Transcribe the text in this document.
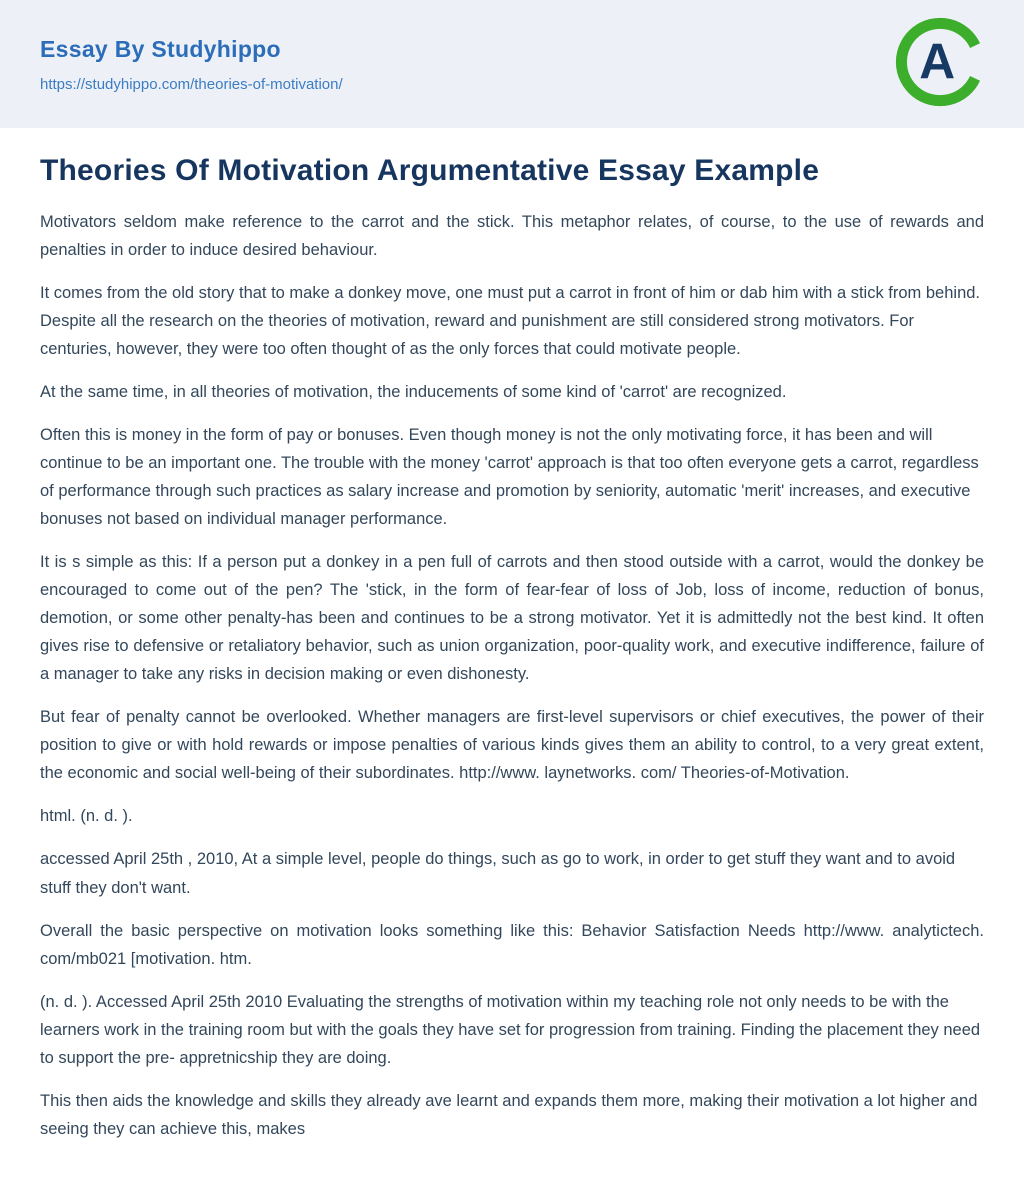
Essay By Studyhippo
https://studyhippo.com/theories-of-motivation/	A
Theories Of Motivation Argumentative Essay Example

Motivators seldom make reference to the carrot and the stick. This metaphor relates, of course, to the use of rewards and penalties in order to induce desired behaviour.

It comes from the old story that to make a donkey move, one must put a carrot in front of him or dab him with a stick from behind. Despite all the research on the theories of motivation, reward and punishment are still considered strong motivators. For centuries, however, they were too often thought of as the only forces that could motivate people.

At the same time, in all theories of motivation, the inducements of some kind of 'carrot' are recognized.

Often this is money in the form of pay or bonuses. Even though money is not the only motivating force, it has been and will continue to be an important one. The trouble with the money 'carrot' approach is that too often everyone gets a carrot, regardless of performance through such practices as salary increase and promotion by seniority, automatic 'merit' increases, and executive bonuses not based on individual manager performance.

It is s simple as this: If a person put a donkey in a pen full of carrots and then stood outside with a carrot, would the donkey be encouraged to come out of the pen? The 'stick, in the form of fear-fear of loss of Job, loss of income, reduction of bonus, demotion, or some other penalty-has been and continues to be a strong motivator. Yet it is admittedly not the best kind. It often gives rise to defensive or retaliatory behavior, such as union organization, poor-quality work, and executive indifference, failure of a manager to take any risks in decision making or even dishonesty.

But fear of penalty cannot be overlooked. Whether managers are first-level supervisors or chief executives, the power of their position to give or with hold rewards or impose penalties of various kinds gives them an ability to control, to a very great extent, the economic and social well-being of their subordinates. http://www. laynetworks. com/ Theories-of-Motivation.

html. (n. d. ).

accessed April 25th , 2010, At a simple level, people do things, such as go to work, in order to get stuff they want and to avoid stuff they don't want.

Overall the basic perspective on motivation looks something like this: Behavior Satisfaction Needs http://www. analytictech. com/mb021 [motivation. htm.

(n. d. ). Accessed April 25th 2010 Evaluating the strengths of motivation within my teaching role not only needs to be with the learners work in the training room but with the goals they have set for progression from training. Finding the placement they need to support the pre- appretnicship they are doing.

This then aids the knowledge and skills they already ave learnt and expands them more, making their motivation a lot higher and seeing they can achieve this, makes
